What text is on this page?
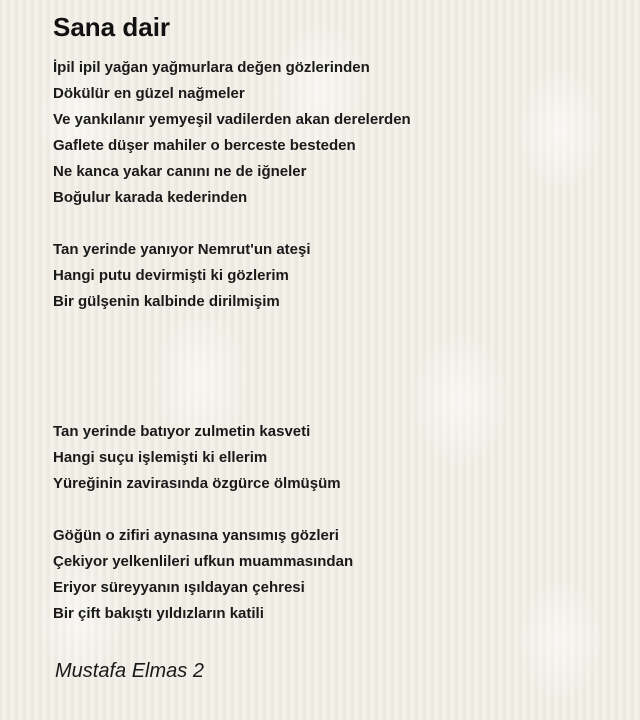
Sana dair
İpil ipil yağan yağmurlara değen gözlerinden
Dökülür en güzel nağmeler
Ve yankılanır yemyeşil vadilerden akan derelerden
Gaflete düşer mahiler o berceste besteden
Ne kanca yakar canını ne de iğneler
Boğulur karada kederinden
Tan yerinde yanıyor Nemrut'un ateşi
Hangi putu devirmişti ki gözlerim
Bir gülşenin kalbinde dirilmişim
Tan yerinde batıyor zulmetin kasveti
Hangi suçu işlemişti ki ellerim
Yüreğinin zavirasında özgürce ölmüşüm
Göğün o zifiri aynasına yansımış gözleri
Çekiyor yelkenlileri ufkun muammasından
Eriyor süreyyanın ışıldayan çehresi
Bir çift bakıştı yıldızların katili
Mustafa Elmas 2
